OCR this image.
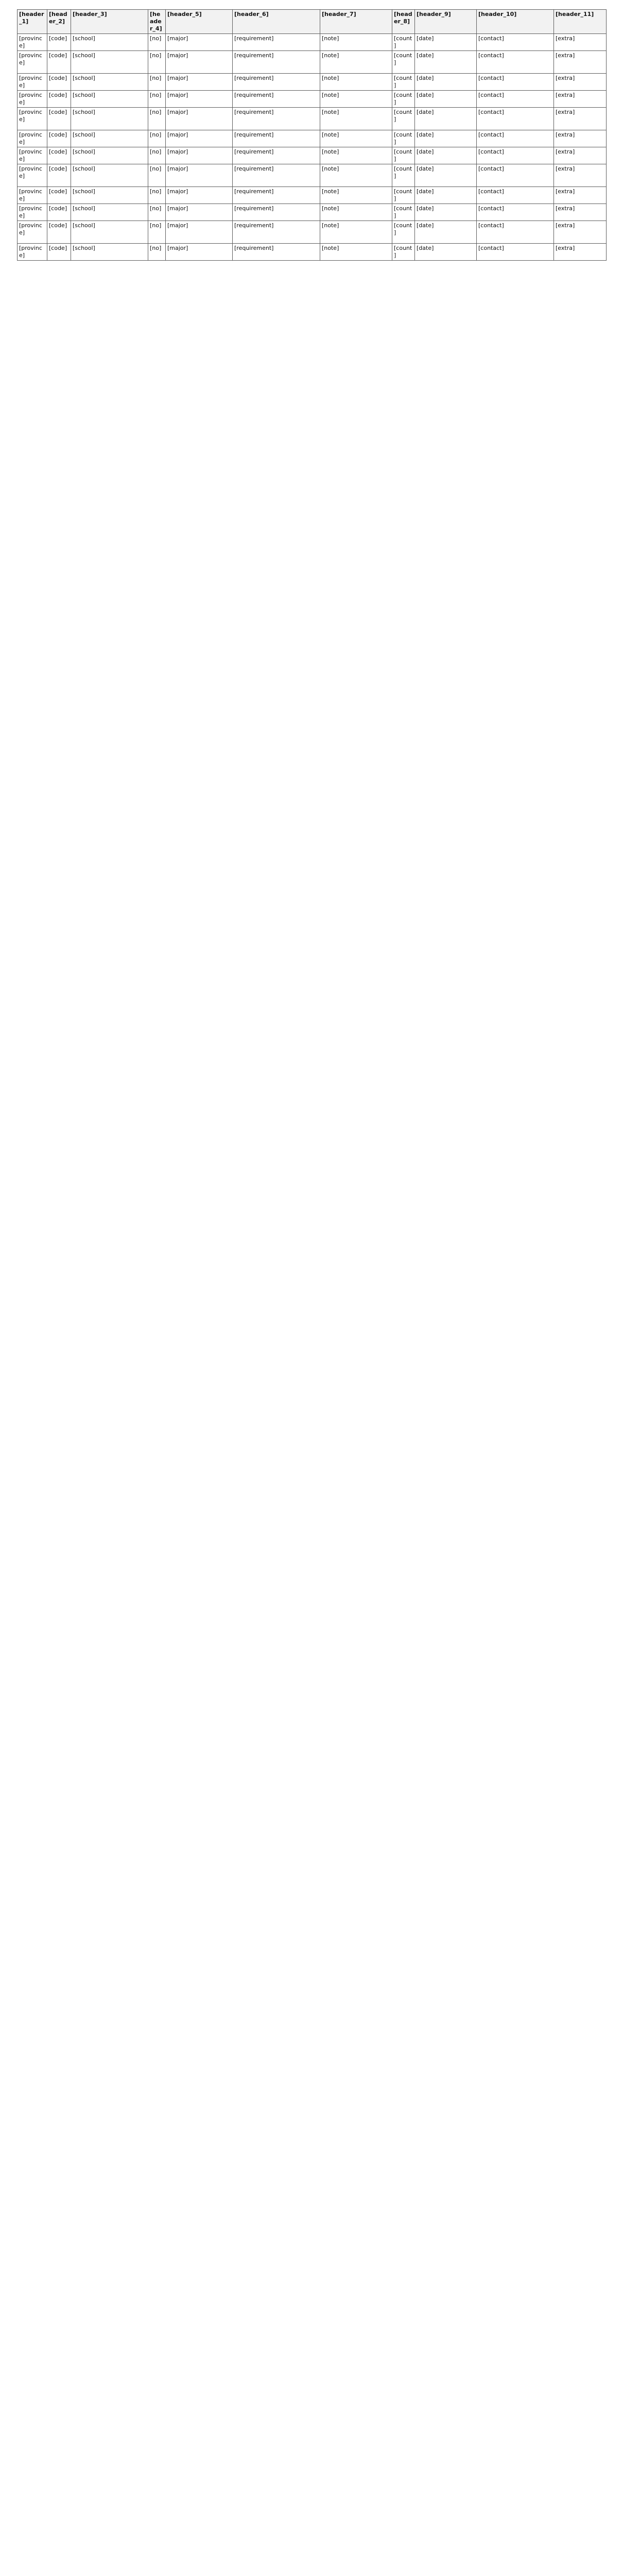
[header_1]	[header_2]	[header_3]	[header_4]	[header_5]	[header_6]	[header_7]	[header_8]	[header_9]	[header_10]	[header_11]
[province]	[code]	[school]	[no]	[major]	[requirement]	[note]	[count]	[date]	[contact]	[extra]
[province]	[code]	[school]	[no]	[major]	[requirement]	[note]	[count]	[date]	[contact]	[extra]
[province]	[code]	[school]	[no]	[major]	[requirement]	[note]	[count]	[date]	[contact]	[extra]
[province]	[code]	[school]	[no]	[major]	[requirement]	[note]	[count]	[date]	[contact]	[extra]
[province]	[code]	[school]	[no]	[major]	[requirement]	[note]	[count]	[date]	[contact]	[extra]
[province]	[code]	[school]	[no]	[major]	[requirement]	[note]	[count]	[date]	[contact]	[extra]
[province]	[code]	[school]	[no]	[major]	[requirement]	[note]	[count]	[date]	[contact]	[extra]
[province]	[code]	[school]	[no]	[major]	[requirement]	[note]	[count]	[date]	[contact]	[extra]
[province]	[code]	[school]	[no]	[major]	[requirement]	[note]	[count]	[date]	[contact]	[extra]
[province]	[code]	[school]	[no]	[major]	[requirement]	[note]	[count]	[date]	[contact]	[extra]
[province]	[code]	[school]	[no]	[major]	[requirement]	[note]	[count]	[date]	[contact]	[extra]
[province]	[code]	[school]	[no]	[major]	[requirement]	[note]	[count]	[date]	[contact]	[extra]
